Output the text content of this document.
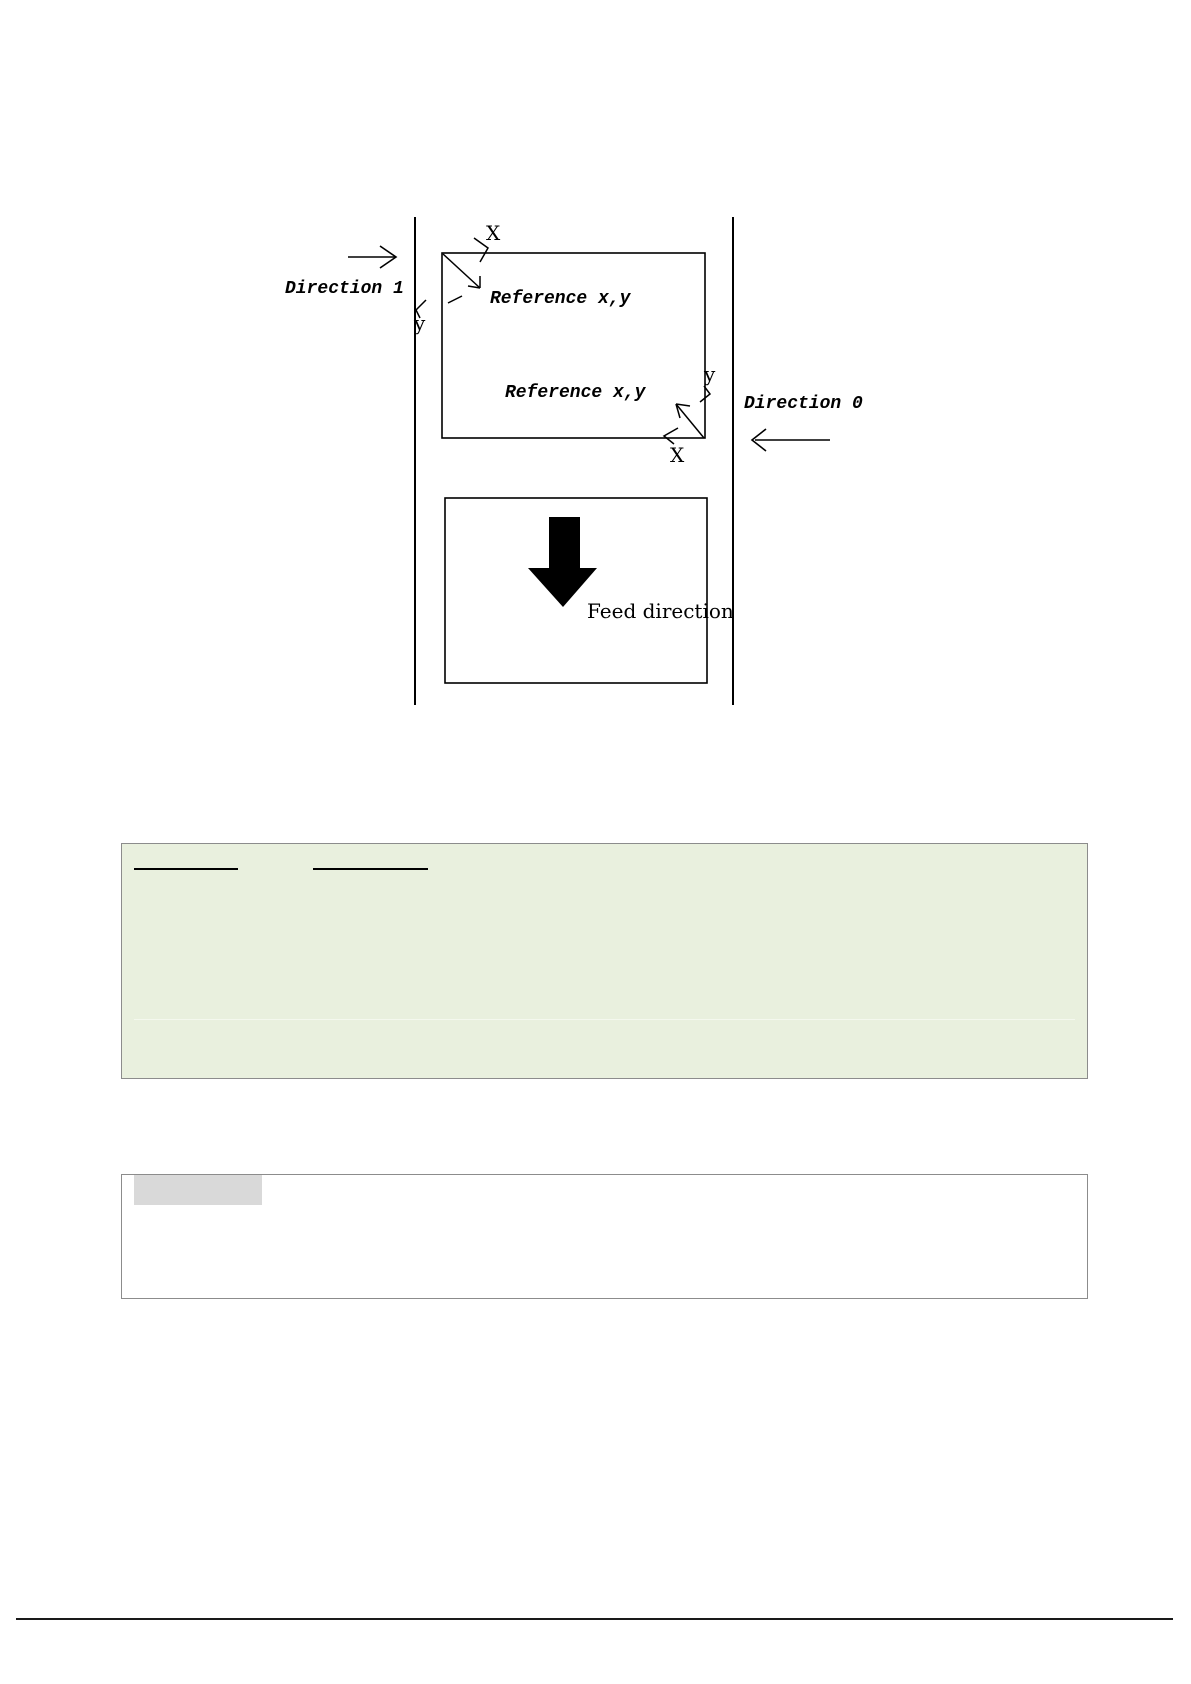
Direction 1
X
y
Reference x,y
Reference x,y
y
X
Direction 0
Feed direction
